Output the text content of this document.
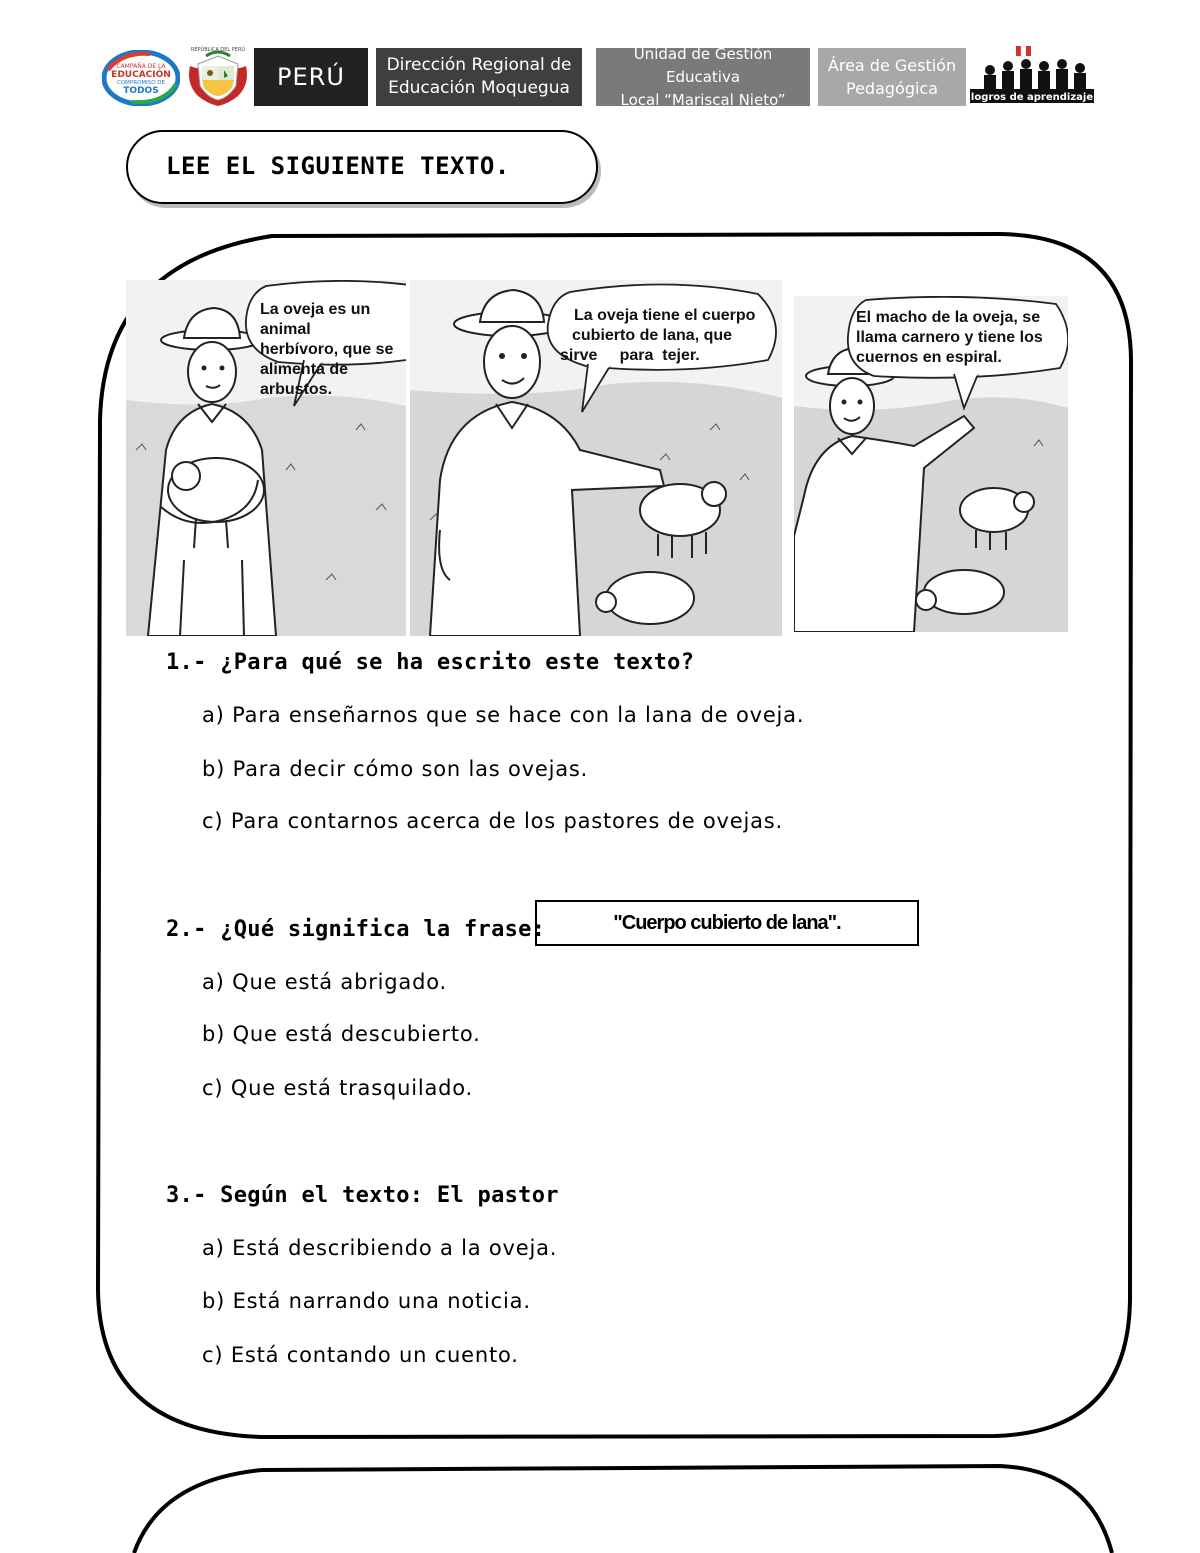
CAMPAÑA DE LA
EDUCACIÓN
COMPROMISO DE
TODOS
REPÚBLICA DEL PERÚ
PERÚ Dirección Regional de
Educación Moquegua
Unidad de Gestión Educativa
Local “Mariscal Nieto”
Área de Gestión
Pedagógica	logros de aprendizaje
LEE EL SIGUIENTE TEXTO.
La oveja es un animal
herbívoro, que se
alimenta de arbustos.
La oveja tiene el cuerpo
cubierto de lana, que
sirve     para  tejer.
El macho de la oveja, se
llama carnero y tiene los
cuernos en espiral.
1.- ¿Para qué se ha escrito este texto?
a) Para enseñarnos que se hace con la lana de oveja.
b) Para decir cómo son las ovejas.
c) Para contarnos acerca de los pastores de ovejas.
2.- ¿Qué significa la frase:	"Cuerpo cubierto de lana".
a) Que está abrigado.
b) Que está descubierto.
c) Que está trasquilado.
3.- Según el texto: El pastor
a) Está describiendo a la oveja.
b) Está narrando una noticia.
c) Está contando un cuento.
